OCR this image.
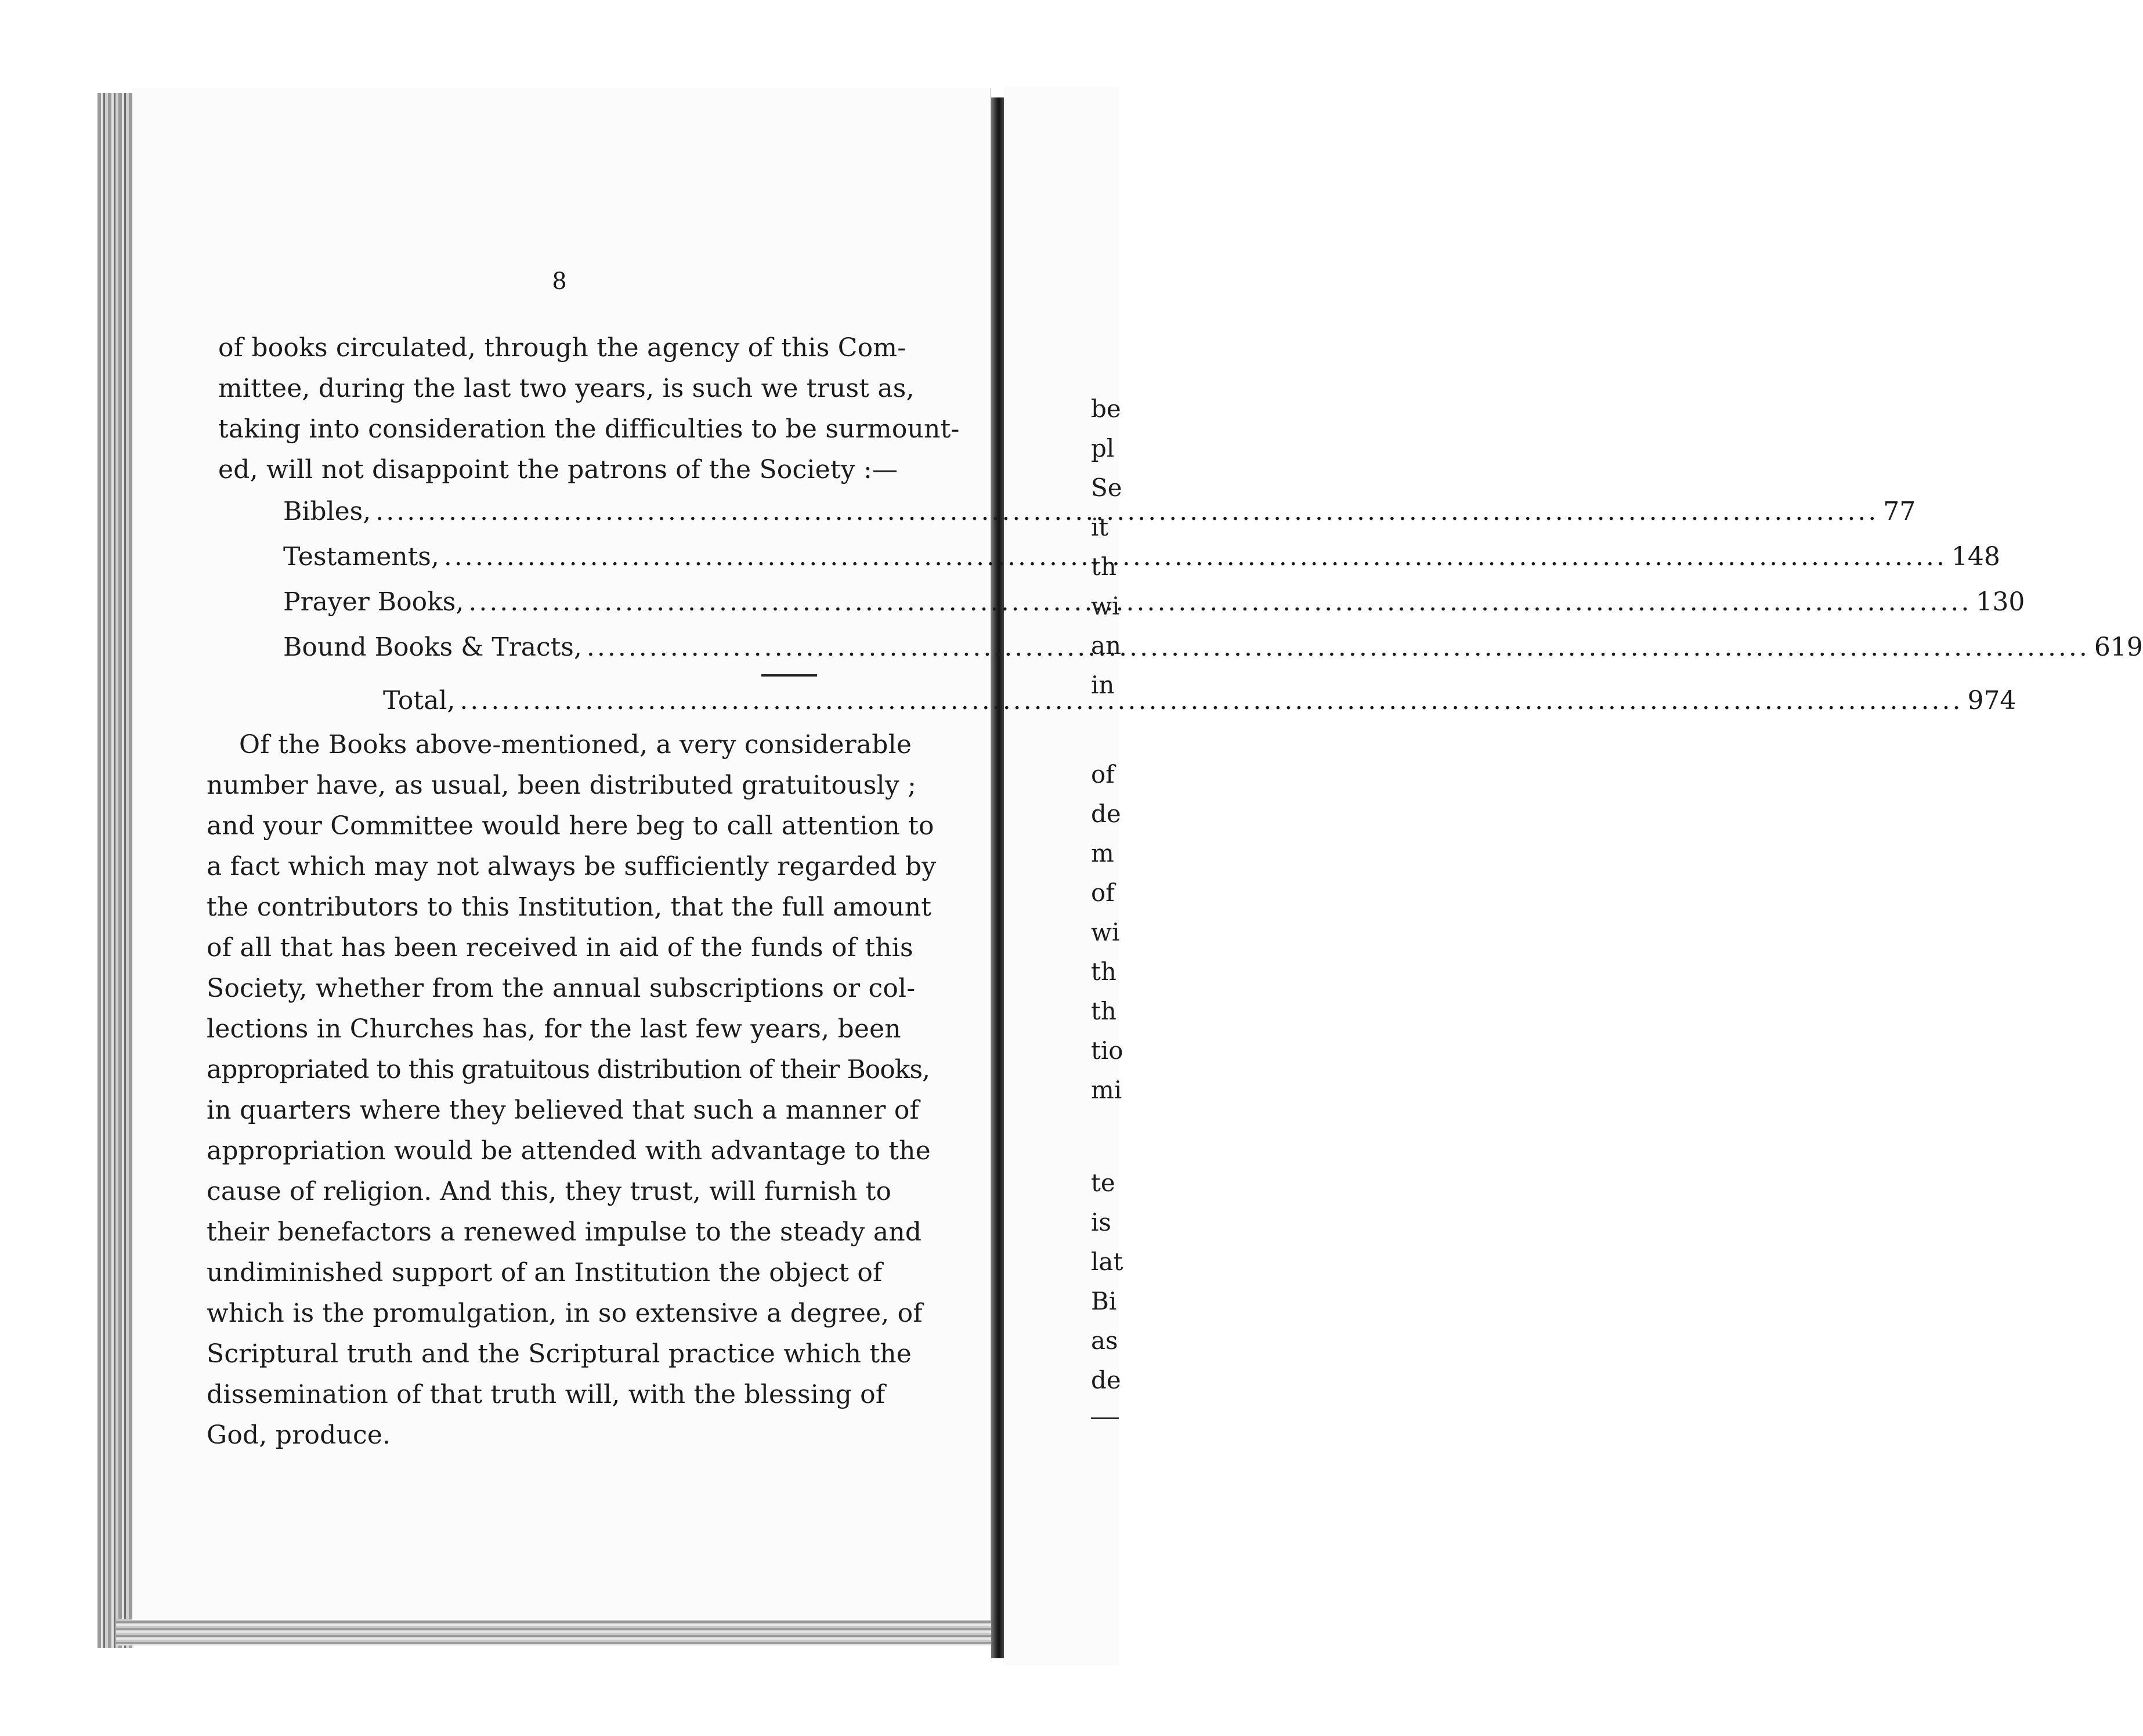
8
of books circulated, through the agency of this Com-
mittee, during the last two years, is such we trust as,
taking into consideration the difficulties to be surmount-
ed, will not disappoint the patrons of the Society :—
Bibles, .....	77
Testaments, .....	148
Prayer Books, .....	130
Bound Books & Tracts, .....	619
Total, .....	974
Of the Books above-mentioned, a very considerable
number have, as usual, been distributed gratuitously ;
and your Committee would here beg to call attention to
a fact which may not always be sufficiently regarded by
the contributors to this Institution, that the full amount
of all that has been received in aid of the funds of this
Society, whether from the annual subscriptions or col-
lections in Churches has, for the last few years, been
appropriated to this gratuitous distribution of their Books,
in quarters where they believed that such a manner of
appropriation would be attended with advantage to the
cause of religion. And this, they trust, will furnish to
their benefactors a renewed impulse to the steady and
undiminished support of an Institution the object of
which is the promulgation, in so extensive a degree, of
Scriptural truth and the Scriptural practice which the
dissemination of that truth will, with the blessing of
God, produce.
be
pl
Se
it
th
wi
an
in
of
de
m
of
wi
th
th
tio
mi
te
is
lat
Bi
as
de
